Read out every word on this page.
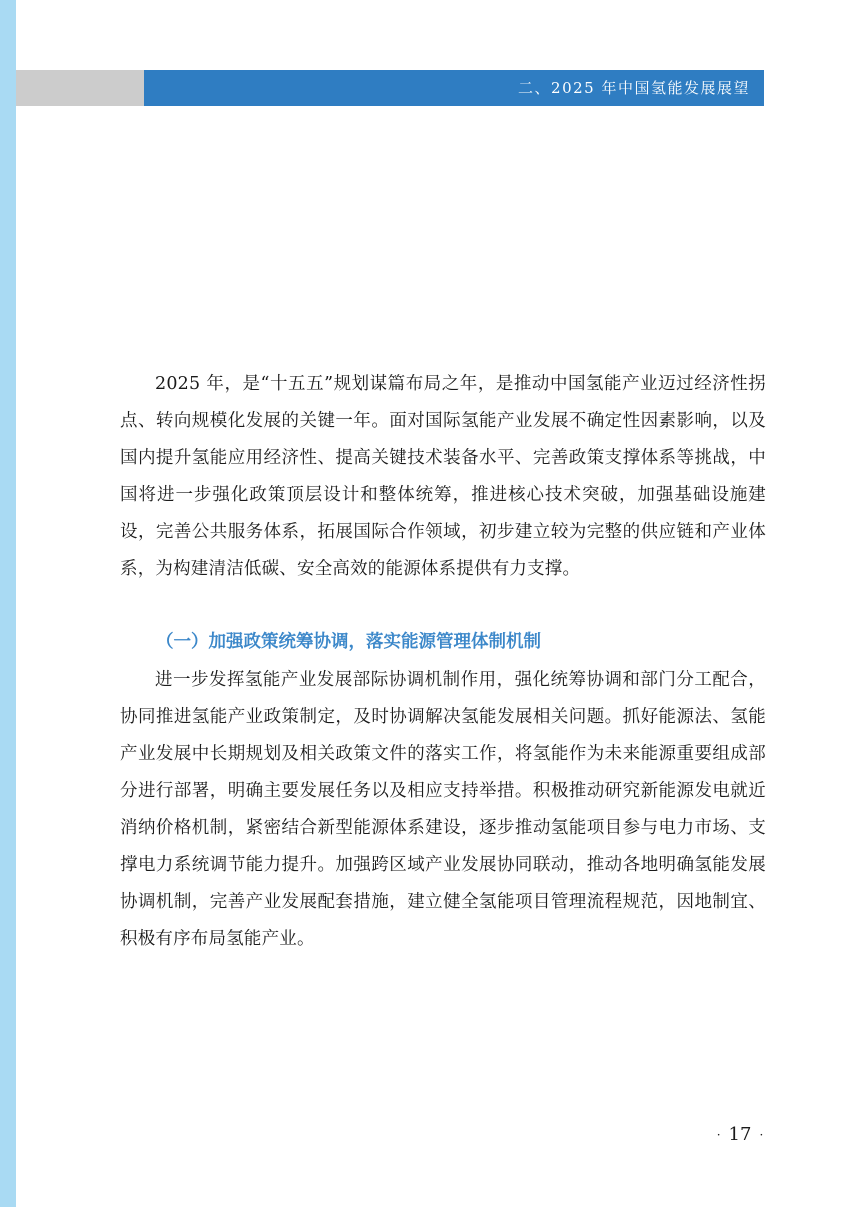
二、2025 年中国氢能发展展望

2025 年，是“十五五”规划谋篇布局之年，是推动中国氢能产业迈过经济性拐点、转向规模化发展的关键一年。面对国际氢能产业发展不确定性因素影响，以及国内提升氢能应用经济性、提高关键技术装备水平、完善政策支撑体系等挑战，中国将进一步强化政策顶层设计和整体统筹，推进核心技术突破，加强基础设施建设，完善公共服务体系，拓展国际合作领域，初步建立较为完整的供应链和产业体系，为构建清洁低碳、安全高效的能源体系提供有力支撑。

（一）加强政策统筹协调，落实能源管理体制机制

进一步发挥氢能产业发展部际协调机制作用，强化统筹协调和部门分工配合，协同推进氢能产业政策制定，及时协调解决氢能发展相关问题。抓好能源法、氢能产业发展中长期规划及相关政策文件的落实工作，将氢能作为未来能源重要组成部分进行部署，明确主要发展任务以及相应支持举措。积极推动研究新能源发电就近消纳价格机制，紧密结合新型能源体系建设，逐步推动氢能项目参与电力市场、支撑电力系统调节能力提升。加强跨区域产业发展协同联动，推动各地明确氢能发展协调机制，完善产业发展配套措施，建立健全氢能项目管理流程规范，因地制宜、积极有序布局氢能产业。

· 17 ·
